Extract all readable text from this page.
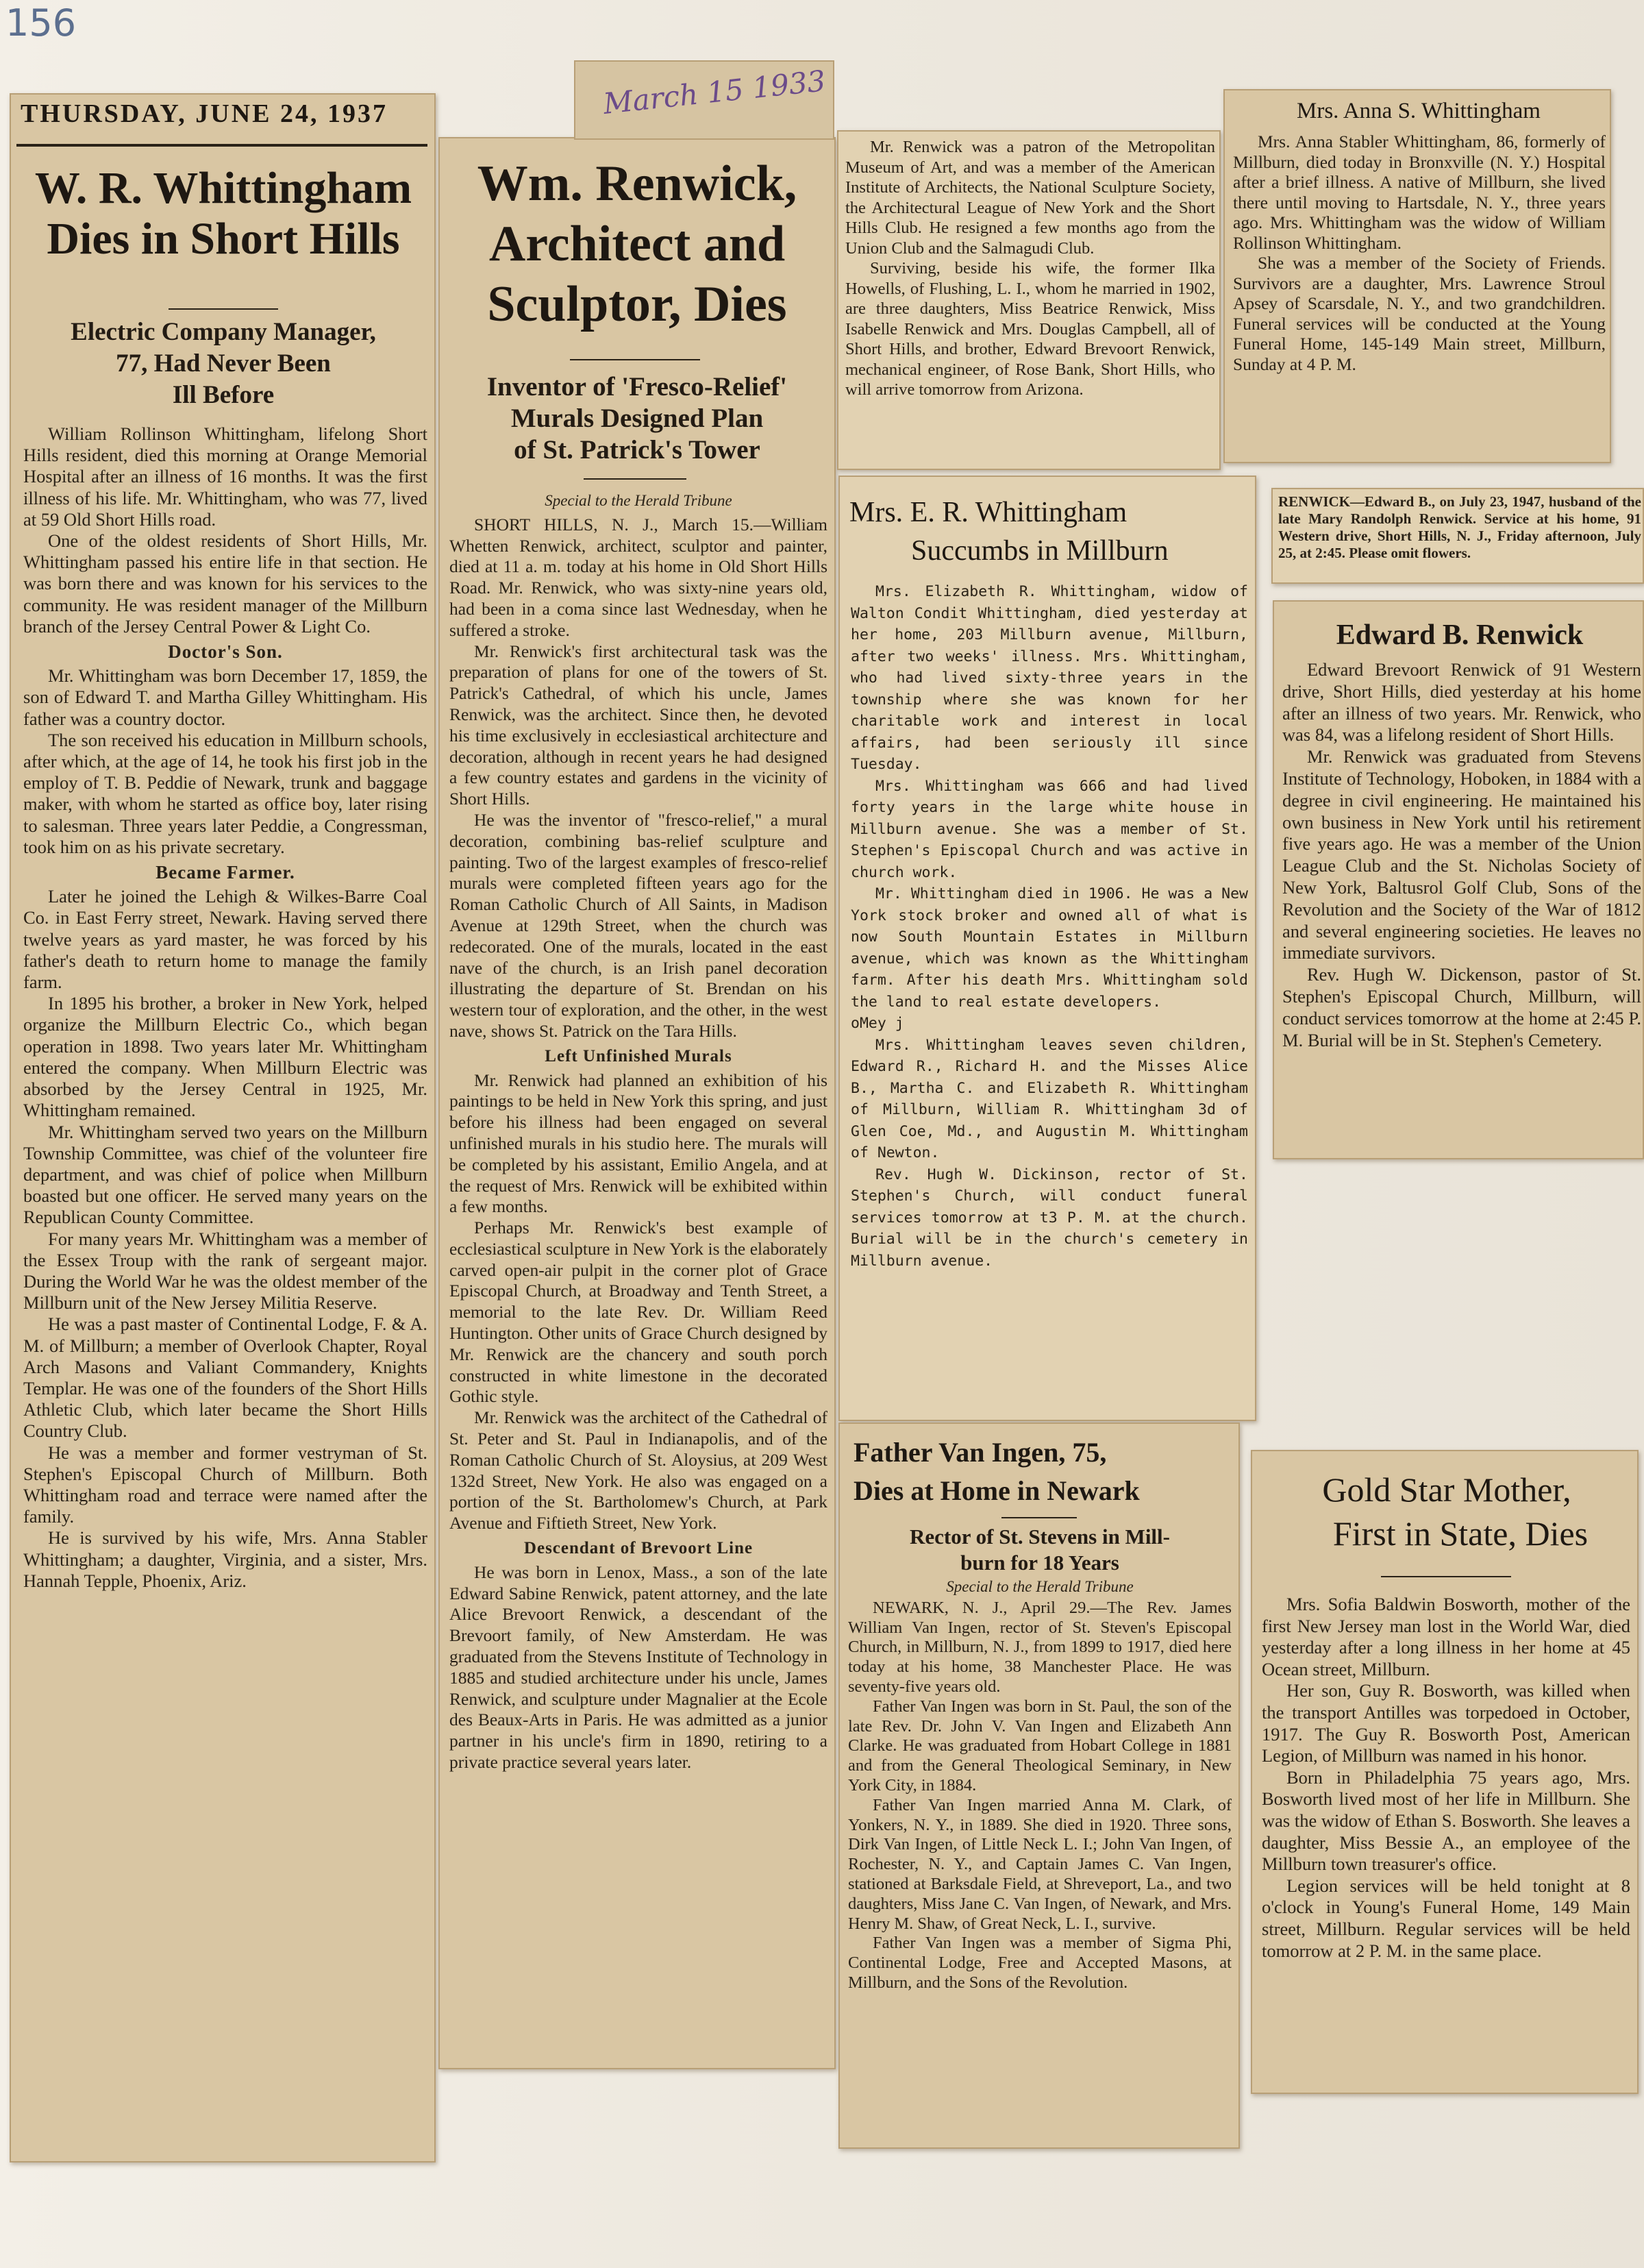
156
THURSDAY, JUNE 24, 1937
W. R. Whittingham
Dies in Short Hills
Electric Company Manager,
77, Had Never Been
Ill Before

William Rollinson Whittingham, lifelong Short Hills resident, died this morning at Orange Memorial Hospital after an illness of 16 months. It was the first illness of his life. Mr. Whittingham, who was 77, lived at 59 Old Short Hills road.

One of the oldest residents of Short Hills, Mr. Whittingham passed his entire life in that section. He was born there and was known for his services to the community. He was resident manager of the Millburn branch of the Jersey Central Power & Light Co.

Doctor's Son.

Mr. Whittingham was born December 17, 1859, the son of Edward T. and Martha Gilley Whittingham. His father was a country doctor.

The son received his education in Millburn schools, after which, at the age of 14, he took his first job in the employ of T. B. Peddie of Newark, trunk and baggage maker, with whom he started as office boy, later rising to salesman. Three years later Peddie, a Congressman, took him on as his private secretary.

Became Farmer.

Later he joined the Lehigh & Wilkes-Barre Coal Co. in East Ferry street, Newark. Having served there twelve years as yard master, he was forced by his father's death to return home to manage the family farm.

In 1895 his brother, a broker in New York, helped organize the Millburn Electric Co., which began operation in 1898. Two years later Mr. Whittingham entered the company. When Millburn Electric was absorbed by the Jersey Central in 1925, Mr. Whittingham remained.

Mr. Whittingham served two years on the Millburn Township Committee, was chief of the volunteer fire department, and was chief of police when Millburn boasted but one officer. He served many years on the Republican County Committee.

For many years Mr. Whittingham was a member of the Essex Troup with the rank of sergeant major. During the World War he was the oldest member of the Millburn unit of the New Jersey Militia Reserve.

He was a past master of Continental Lodge, F. & A. M. of Millburn; a member of Overlook Chapter, Royal Arch Masons and Valiant Commandery, Knights Templar. He was one of the founders of the Short Hills Athletic Club, which later became the Short Hills Country Club.

He was a member and former vestryman of St. Stephen's Episcopal Church of Millburn. Both Whittingham road and terrace were named after the family.

He is survived by his wife, Mrs. Anna Stabler Whittingham; a daughter, Virginia, and a sister, Mrs. Hannah Tepple, Phoenix, Ariz.

Wm. Renwick,
Architect and
Sculptor, Dies
Inventor of 'Fresco-Relief'
Murals Designed Plan
of St. Patrick's Tower
Special to the Herald Tribune

SHORT HILLS, N. J., March 15.—William Whetten Renwick, architect, sculptor and painter, died at 11 a. m. today at his home in Old Short Hills Road. Mr. Renwick, who was sixty-nine years old, had been in a coma since last Wednesday, when he suffered a stroke.

Mr. Renwick's first architectural task was the preparation of plans for one of the towers of St. Patrick's Cathedral, of which his uncle, James Renwick, was the architect. Since then, he devoted his time exclusively in ecclesiastical architecture and decoration, although in recent years he had designed a few country estates and gardens in the vicinity of Short Hills.

He was the inventor of "fresco-relief," a mural decoration, combining bas-relief sculpture and painting. Two of the largest examples of fresco-relief murals were completed fifteen years ago for the Roman Catholic Church of All Saints, in Madison Avenue at 129th Street, when the church was redecorated. One of the murals, located in the east nave of the church, is an Irish panel decoration illustrating the departure of St. Brendan on his western tour of exploration, and the other, in the west nave, shows St. Patrick on the Tara Hills.

Left Unfinished Murals

Mr. Renwick had planned an exhibition of his paintings to be held in New York this spring, and just before his illness had been engaged on several unfinished murals in his studio here. The murals will be completed by his assistant, Emilio Angela, and at the request of Mrs. Renwick will be exhibited within a few months.

Perhaps Mr. Renwick's best example of ecclesiastical sculpture in New York is the elaborately carved open-air pulpit in the corner plot of Grace Episcopal Church, at Broadway and Tenth Street, a memorial to the late Rev. Dr. William Reed Huntington. Other units of Grace Church designed by Mr. Renwick are the chancery and south porch constructed in white limestone in the decorated Gothic style.

Mr. Renwick was the architect of the Cathedral of St. Peter and St. Paul in Indianapolis, and of the Roman Catholic Church of St. Aloysius, at 209 West 132d Street, New York. He also was engaged on a portion of the St. Bartholomew's Church, at Park Avenue and Fiftieth Street, New York.

Descendant of Brevoort Line

He was born in Lenox, Mass., a son of the late Edward Sabine Renwick, patent attorney, and the late Alice Brevoort Renwick, a descendant of the Brevoort family, of New Amsterdam. He was graduated from the Stevens Institute of Technology in 1885 and studied architecture under his uncle, James Renwick, and sculpture under Magnalier at the Ecole des Beaux-Arts in Paris. He was admitted as a junior partner in his uncle's firm in 1890, retiring to a private practice several years later.

March 15 1933

Mr. Renwick was a patron of the Metropolitan Museum of Art, and was a member of the American Institute of Architects, the National Sculpture Society, the Architectural League of New York and the Short Hills Club. He resigned a few months ago from the Union Club and the Salmagudi Club.

Surviving, beside his wife, the former Ilka Howells, of Flushing, L. I., whom he married in 1902, are three daughters, Miss Beatrice Renwick, Miss Isabelle Renwick and Mrs. Douglas Campbell, all of Short Hills, and brother, Edward Brevoort Renwick, mechanical engineer, of Rose Bank, Short Hills, who will arrive tomorrow from Arizona.

Mrs. Anna S. Whittingham

Mrs. Anna Stabler Whittingham, 86, formerly of Millburn, died today in Bronxville (N. Y.) Hospital after a brief illness. A native of Millburn, she lived there until moving to Hartsdale, N. Y., three years ago. Mrs. Whittingham was the widow of William Rollinson Whittingham.

She was a member of the Society of Friends. Survivors are a daughter, Mrs. Lawrence Stroul Apsey of Scarsdale, N. Y., and two grandchildren. Funeral services will be conducted at the Young Funeral Home, 145-149 Main street, Millburn, Sunday at 4 P. M.

Mrs. E. R. Whittingham
Succumbs in Millburn

Mrs. Elizabeth R. Whittingham, widow of Walton Condit Whittingham, died yesterday at her home, 203 Millburn avenue, Millburn, after two weeks' illness. Mrs. Whittingham, who had lived sixty-three years in the township where she was known for her charitable work and interest in local affairs, had been seriously ill since Tuesday.

Mrs. Whittingham was 666 and had lived forty years in the large white house in Millburn avenue. She was a member of St. Stephen's Episcopal Church and was active in church work.

Mr. Whittingham died in 1906. He was a New York stock broker and owned all of what is now South Mountain Estates in Millburn avenue, which was known as the Whittingham farm. After his death Mrs. Whittingham sold the land to real estate developers.

oMey j

Mrs. Whittingham leaves seven children, Edward R., Richard H. and the Misses Alice B., Martha C. and Elizabeth R. Whittingham of Millburn, William R. Whittingham 3d of Glen Coe, Md., and Augustin M. Whittingham of Newton.

Rev. Hugh W. Dickinson, rector of St. Stephen's Church, will conduct funeral services tomorrow at t3 P. M. at the church. Burial will be in the church's cemetery in Millburn avenue.

RENWICK—Edward B., on July 23, 1947, husband of the late Mary Randolph Renwick. Service at his home, 91 Western drive, Short Hills, N. J., Friday afternoon, July 25, at 2:45. Please omit flowers.
Edward B. Renwick

Edward Brevoort Renwick of 91 Western drive, Short Hills, died yesterday at his home after an illness of two years. Mr. Renwick, who was 84, was a lifelong resident of Short Hills.

Mr. Renwick was graduated from Stevens Institute of Technology, Hoboken, in 1884 with a degree in civil engineering. He maintained his own business in New York until his retirement five years ago. He was a member of the Union League Club and the St. Nicholas Society of New York, Baltusrol Golf Club, Sons of the Revolution and the Society of the War of 1812 and several engineering societies. He leaves no immediate survivors.

Rev. Hugh W. Dickenson, pastor of St. Stephen's Episcopal Church, Millburn, will conduct services tomorrow at the home at 2:45 P. M. Burial will be in St. Stephen's Cemetery.

Father Van Ingen, 75,
Dies at Home in Newark
Rector of St. Stevens in Mill-
burn for 18 Years
Special to the Herald Tribune

NEWARK, N. J., April 29.—The Rev. James William Van Ingen, rector of St. Steven's Episcopal Church, in Millburn, N. J., from 1899 to 1917, died here today at his home, 38 Manchester Place. He was seventy-five years old.

Father Van Ingen was born in St. Paul, the son of the late Rev. Dr. John V. Van Ingen and Elizabeth Ann Clarke. He was graduated from Hobart College in 1881 and from the General Theological Seminary, in New York City, in 1884.

Father Van Ingen married Anna M. Clark, of Yonkers, N. Y., in 1889. She died in 1920. Three sons, Dirk Van Ingen, of Little Neck L. I.; John Van Ingen, of Rochester, N. Y., and Captain James C. Van Ingen, stationed at Barksdale Field, at Shreveport, La., and two daughters, Miss Jane C. Van Ingen, of Newark, and Mrs. Henry M. Shaw, of Great Neck, L. I., survive.

Father Van Ingen was a member of Sigma Phi, Continental Lodge, Free and Accepted Masons, at Millburn, and the Sons of the Revolution.

Gold Star Mother,
First in State, Dies

Mrs. Sofia Baldwin Bosworth, mother of the first New Jersey man lost in the World War, died yesterday after a long illness in her home at 45 Ocean street, Millburn.

Her son, Guy R. Bosworth, was killed when the transport Antilles was torpedoed in October, 1917. The Guy R. Bosworth Post, American Legion, of Millburn was named in his honor.

Born in Philadelphia 75 years ago, Mrs. Bosworth lived most of her life in Millburn. She was the widow of Ethan S. Bosworth. She leaves a daughter, Miss Bessie A., an employee of the Millburn town treasurer's office.

Legion services will be held tonight at 8 o'clock in Young's Funeral Home, 149 Main street, Millburn. Regular services will be held tomorrow at 2 P. M. in the same place.
